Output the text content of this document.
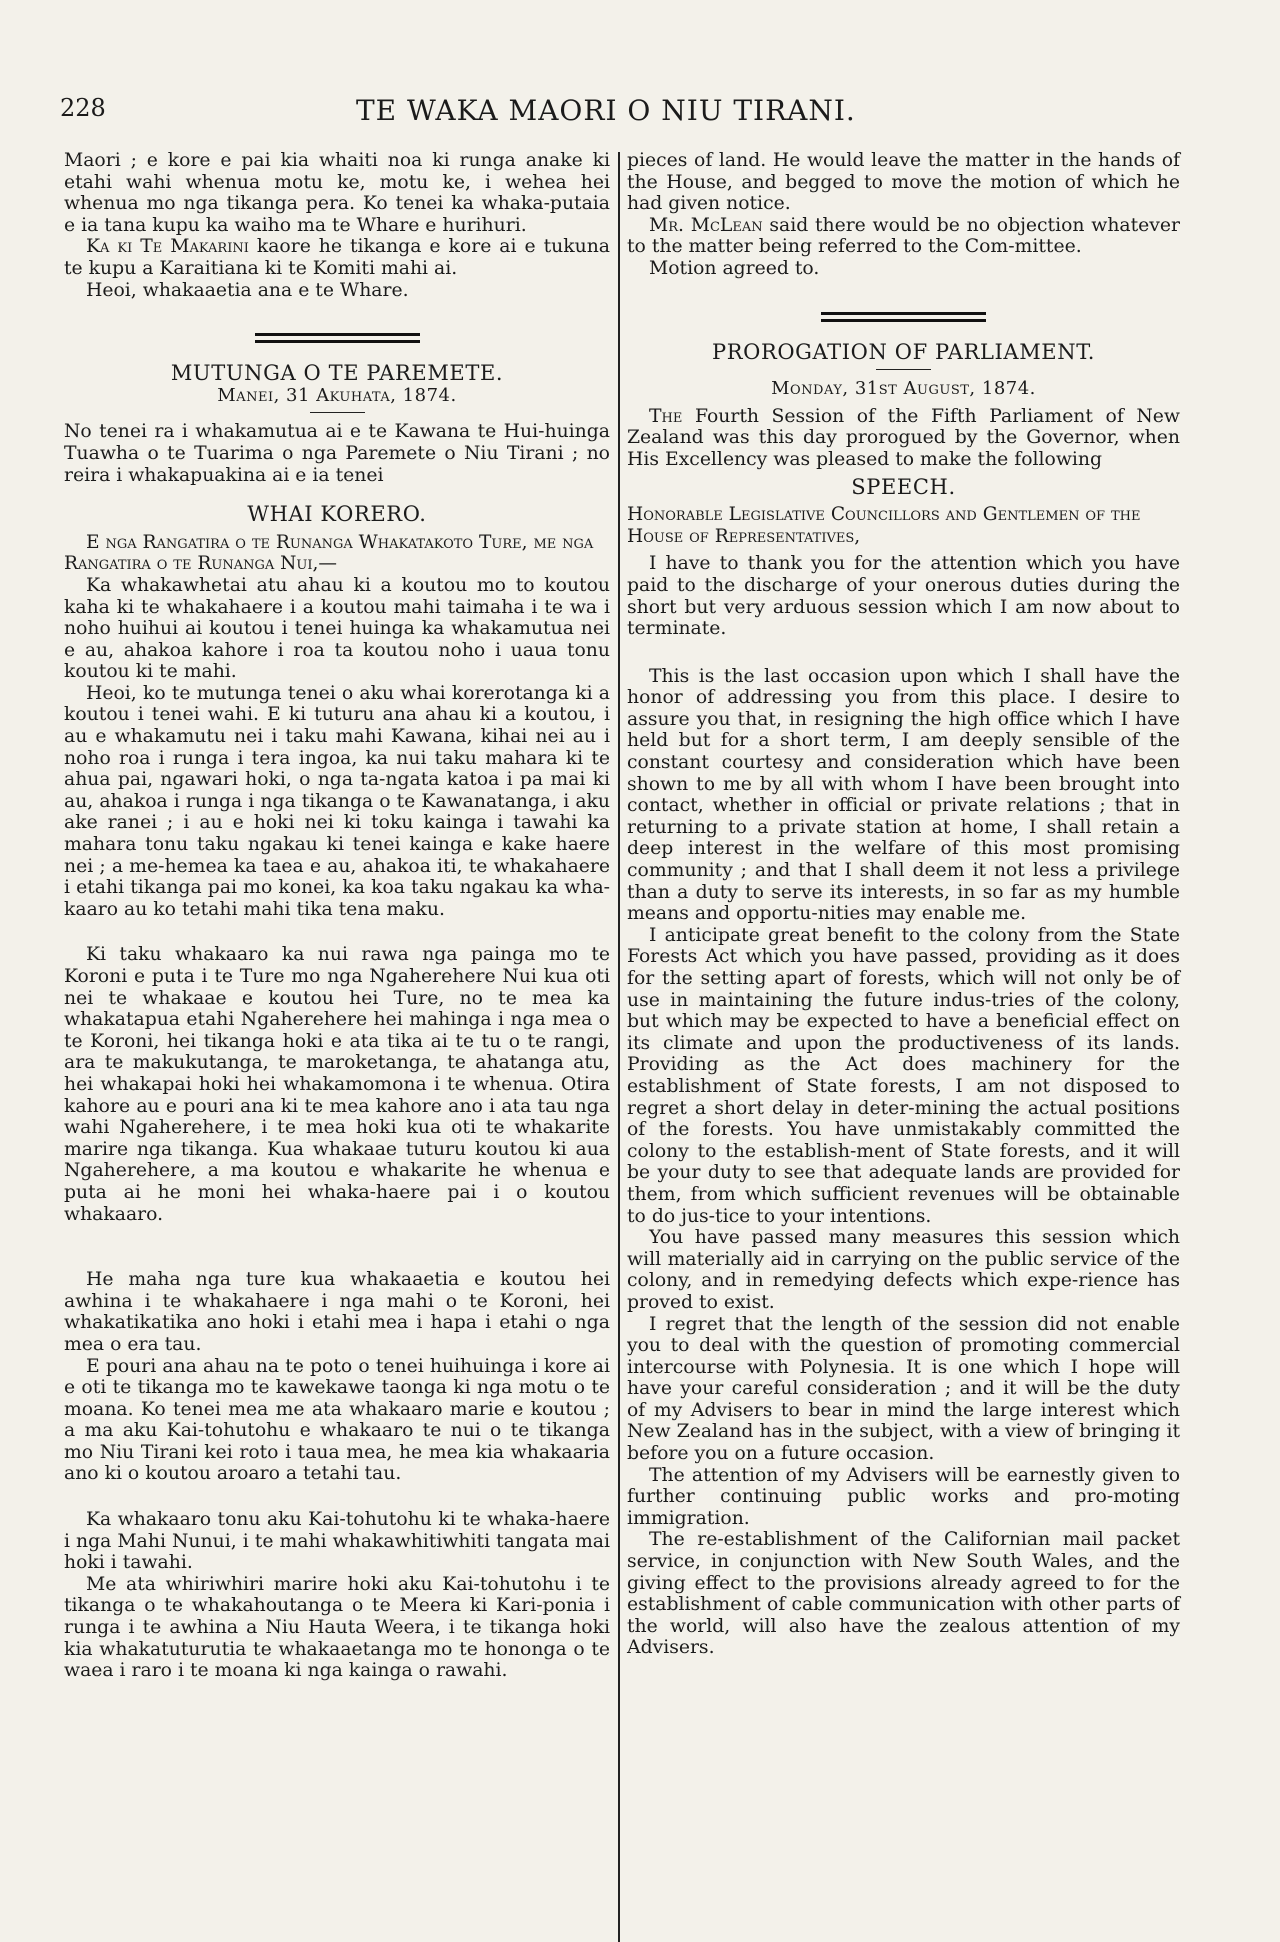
228	TE WAKA MAORI O NIU TIRANI.

Maori ; e kore e pai kia whaiti noa ki runga anake ki etahi wahi whenua motu ke, motu ke, i wehea hei whenua mo nga tikanga pera. Ko tenei ka whaka-putaia e ia tana kupu ka waiho ma te Whare e hurihuri.

Ka ki Te Makarini kaore he tikanga e kore ai e tukuna te kupu a Karaitiana ki te Komiti mahi ai.

Heoi, whakaaetia ana e te Whare.

MUTUNGA O TE PAREMETE.
Manei, 31 Akuhata, 1874.

No tenei ra i whakamutua ai e te Kawana te Hui-huinga Tuawha o te Tuarima o nga Paremete o Niu Tirani ; no reira i whakapuakina ai e ia tenei

WHAI KORERO.

E nga Rangatira o te Runanga Whakatakoto Ture, me nga Rangatira o te Runanga Nui,—

Ka whakawhetai atu ahau ki a koutou mo to koutou kaha ki te whakahaere i a koutou mahi taimaha i te wa i noho huihui ai koutou i tenei huinga ka whakamutua nei e au, ahakoa kahore i roa ta koutou noho i uaua tonu koutou ki te mahi.

Heoi, ko te mutunga tenei o aku whai korerotanga ki a koutou i tenei wahi. E ki tuturu ana ahau ki a koutou, i au e whakamutu nei i taku mahi Kawana, kihai nei au i noho roa i runga i tera ingoa, ka nui taku mahara ki te ahua pai, ngawari hoki, o nga ta-ngata katoa i pa mai ki au, ahakoa i runga i nga tikanga o te Kawanatanga, i aku ake ranei ; i au e hoki nei ki toku kainga i tawahi ka mahara tonu taku ngakau ki tenei kainga e kake haere nei ; a me-hemea ka taea e au, ahakoa iti, te whakahaere i etahi tikanga pai mo konei, ka koa taku ngakau ka wha-kaaro au ko tetahi mahi tika tena maku.

Ki taku whakaaro ka nui rawa nga painga mo te Koroni e puta i te Ture mo nga Ngaherehere Nui kua oti nei te whakaae e koutou hei Ture, no te mea ka whakatapua etahi Ngaherehere hei mahinga i nga mea o te Koroni, hei tikanga hoki e ata tika ai te tu o te rangi, ara te makukutanga, te maroketanga, te ahatanga atu, hei whakapai hoki hei whakamomona i te whenua. Otira kahore au e pouri ana ki te mea kahore ano i ata tau nga wahi Ngaherehere, i te mea hoki kua oti te whakarite marire nga tikanga. Kua whakaae tuturu koutou ki aua Ngaherehere, a ma koutou e whakarite he whenua e puta ai he moni hei whaka-haere pai i o koutou whakaaro.

He maha nga ture kua whakaaetia e koutou hei awhina i te whakahaere i nga mahi o te Koroni, hei whakatikatika ano hoki i etahi mea i hapa i etahi o nga mea o era tau.

E pouri ana ahau na te poto o tenei huihuinga i kore ai e oti te tikanga mo te kawekawe taonga ki nga motu o te moana. Ko tenei mea me ata whakaaro marie e koutou ; a ma aku Kai-tohutohu e whakaaro te nui o te tikanga mo Niu Tirani kei roto i taua mea, he mea kia whakaaria ano ki o koutou aroaro a tetahi tau.

Ka whakaaro tonu aku Kai-tohutohu ki te whaka-haere i nga Mahi Nunui, i te mahi whakawhitiwhiti tangata mai hoki i tawahi.

Me ata whiriwhiri marire hoki aku Kai-tohutohu i te tikanga o te whakahoutanga o te Meera ki Kari-ponia i runga i te awhina a Niu Hauta Weera, i te tikanga hoki kia whakatuturutia te whakaaetanga mo te hononga o te waea i raro i te moana ki nga kainga o rawahi.

pieces of land. He would leave the matter in the hands of the House, and begged to move the motion of which he had given notice.

Mr. McLean said there would be no objection whatever to the matter being referred to the Com-mittee.

Motion agreed to.

PROROGATION OF PARLIAMENT.
Monday, 31st August, 1874.

The Fourth Session of the Fifth Parliament of New Zealand was this day prorogued by the Governor, when His Excellency was pleased to make the following

SPEECH.

Honorable Legislative Councillors and Gentlemen of the House of Representatives,

I have to thank you for the attention which you have paid to the discharge of your onerous duties during the short but very arduous session which I am now about to terminate.

This is the last occasion upon which I shall have the honor of addressing you from this place. I desire to assure you that, in resigning the high office which I have held but for a short term, I am deeply sensible of the constant courtesy and consideration which have been shown to me by all with whom I have been brought into contact, whether in official or private relations ; that in returning to a private station at home, I shall retain a deep interest in the welfare of this most promising community ; and that I shall deem it not less a privilege than a duty to serve its interests, in so far as my humble means and opportu-nities may enable me.

I anticipate great benefit to the colony from the State Forests Act which you have passed, providing as it does for the setting apart of forests, which will not only be of use in maintaining the future indus-tries of the colony, but which may be expected to have a beneficial effect on its climate and upon the productiveness of its lands. Providing as the Act does machinery for the establishment of State forests, I am not disposed to regret a short delay in deter-mining the actual positions of the forests. You have unmistakably committed the colony to the establish-ment of State forests, and it will be your duty to see that adequate lands are provided for them, from which sufficient revenues will be obtainable to do jus-tice to your intentions.

You have passed many measures this session which will materially aid in carrying on the public service of the colony, and in remedying defects which expe-rience has proved to exist.

I regret that the length of the session did not enable you to deal with the question of promoting commercial intercourse with Polynesia. It is one which I hope will have your careful consideration ; and it will be the duty of my Advisers to bear in mind the large interest which New Zealand has in the subject, with a view of bringing it before you on a future occasion.

The attention of my Advisers will be earnestly given to further continuing public works and pro-moting immigration.

The re-establishment of the Californian mail packet service, in conjunction with New South Wales, and the giving effect to the provisions already agreed to for the establishment of cable communication with other parts of the world, will also have the zealous attention of my Advisers.
